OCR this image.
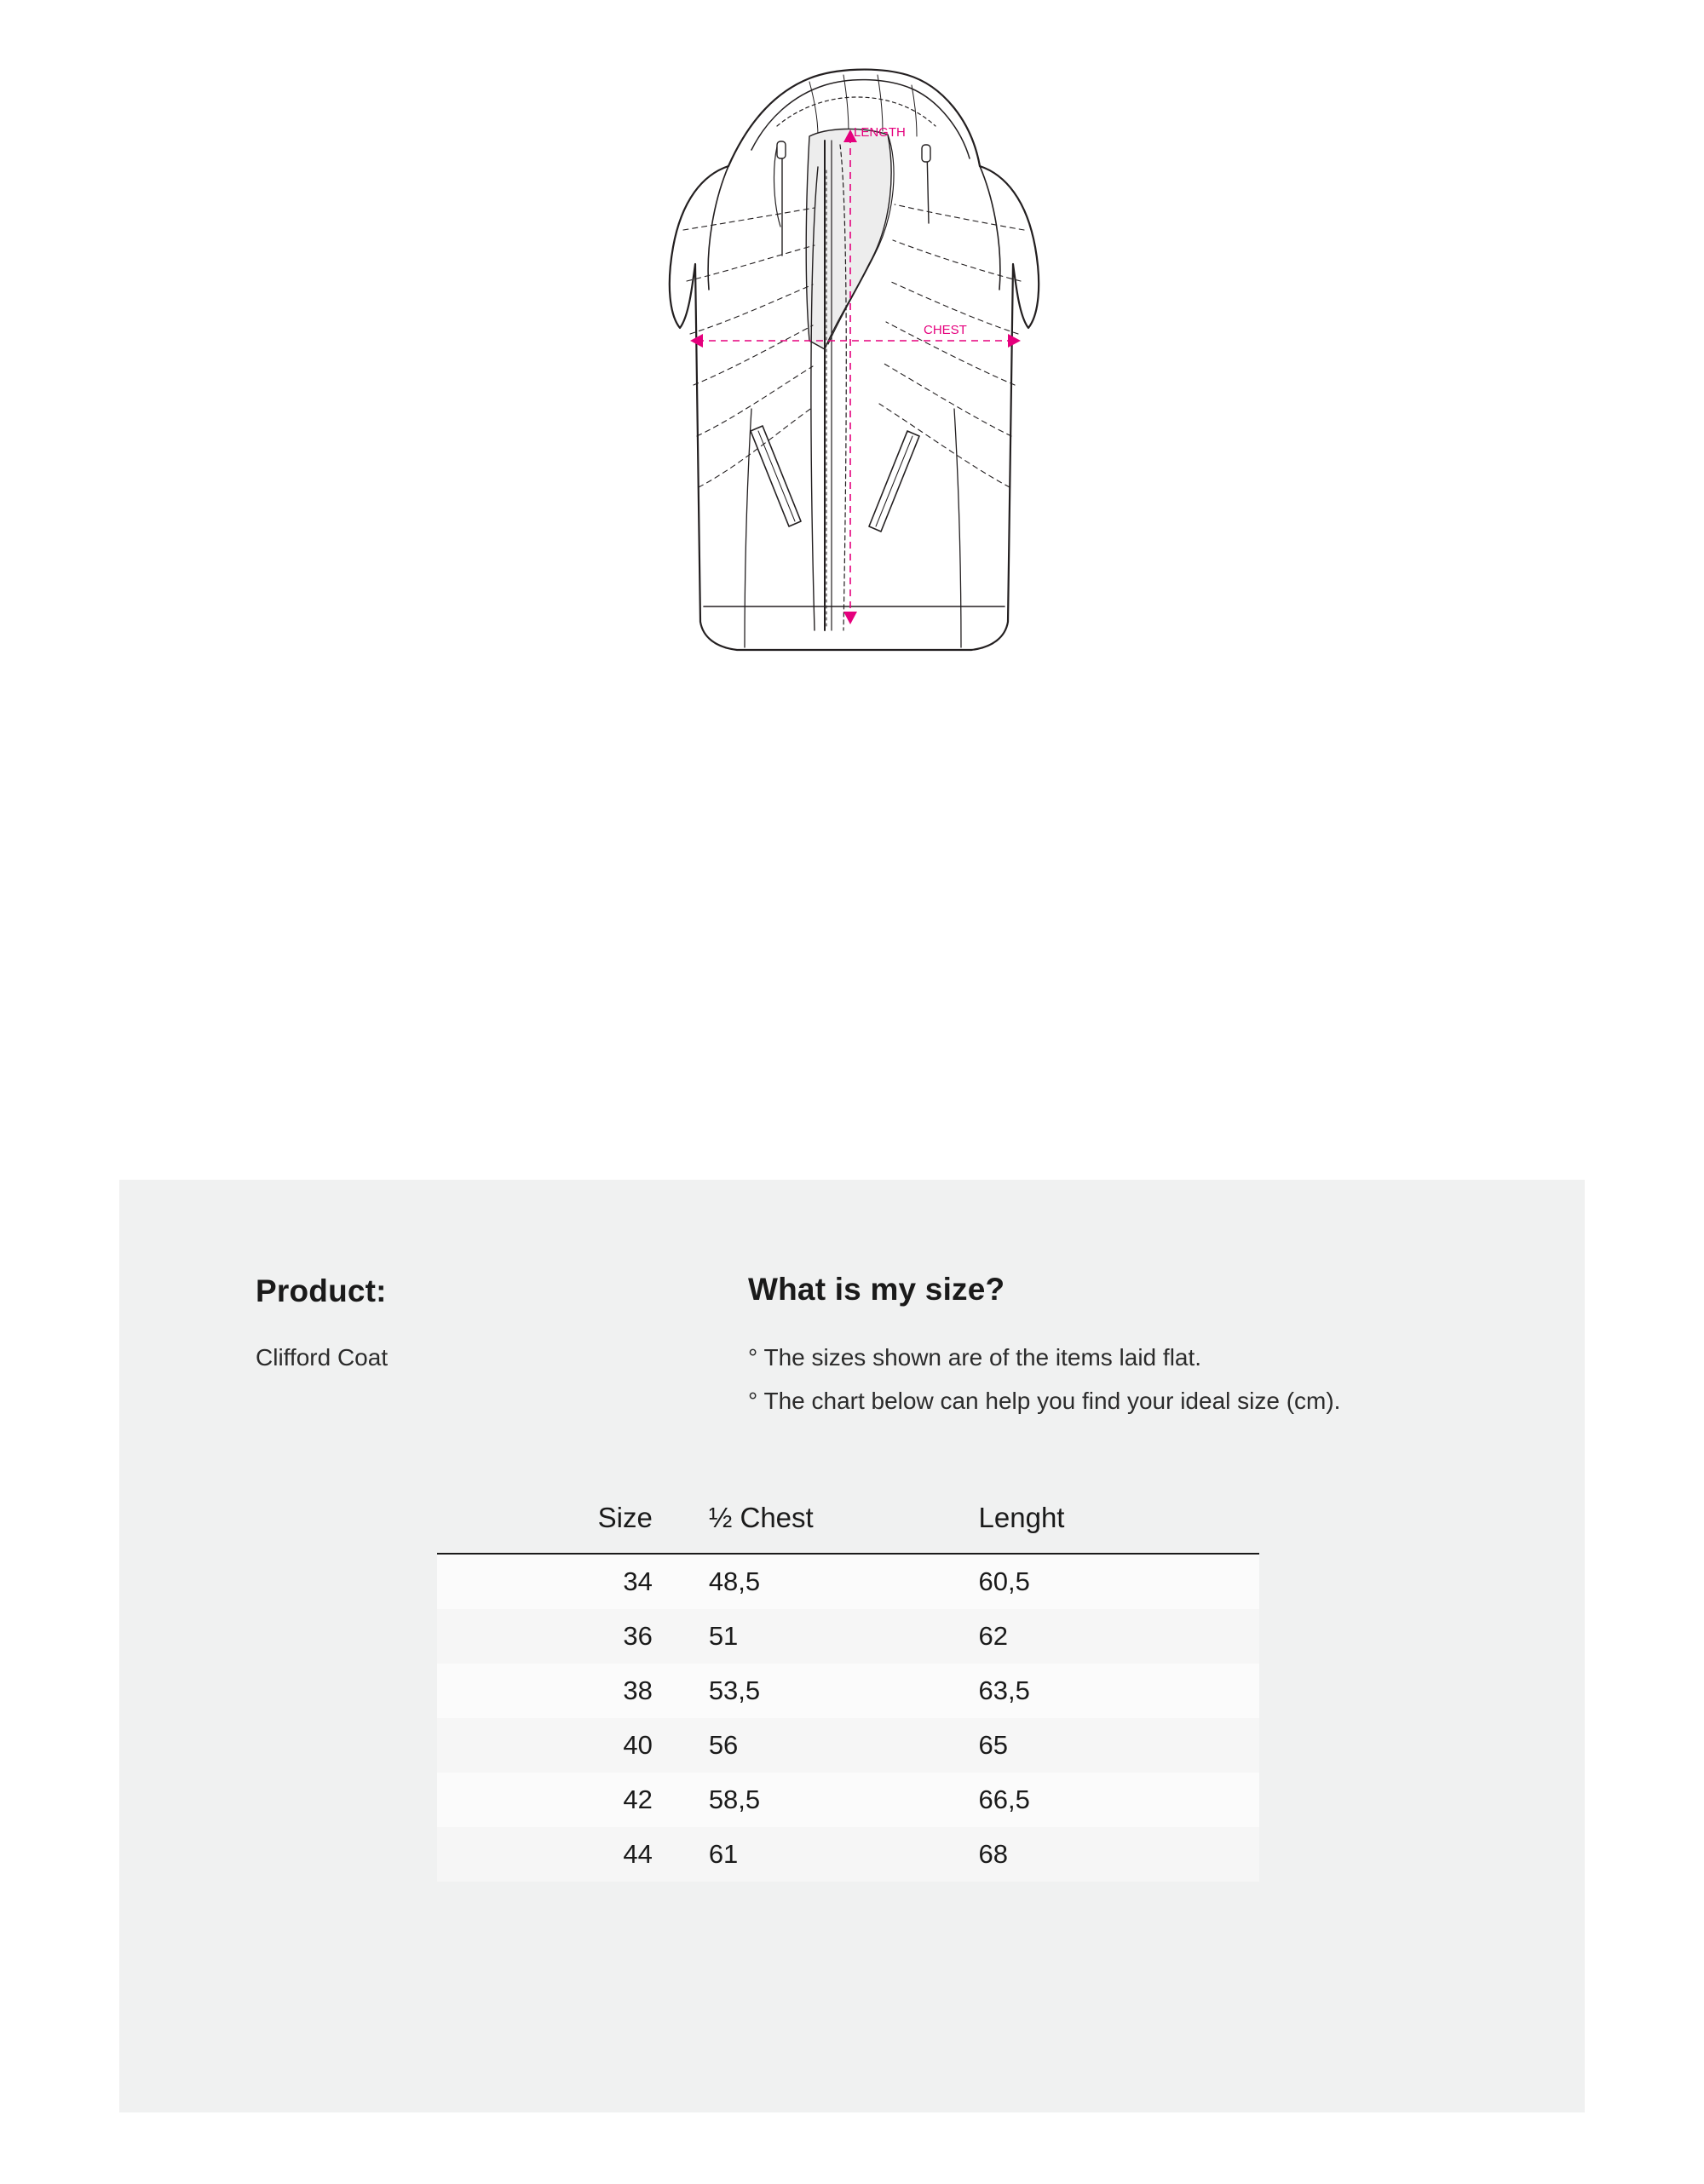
LENGTH
CHEST
Product:
Clifford Coat
What is my size?
° The sizes shown are of the items laid flat.
° The chart below can help you find your ideal size (cm).
Size	½ Chest	Lenght
34	48,5	60,5
36	51	62
38	53,5	63,5
40	56	65
42	58,5	66,5
44	61	68
